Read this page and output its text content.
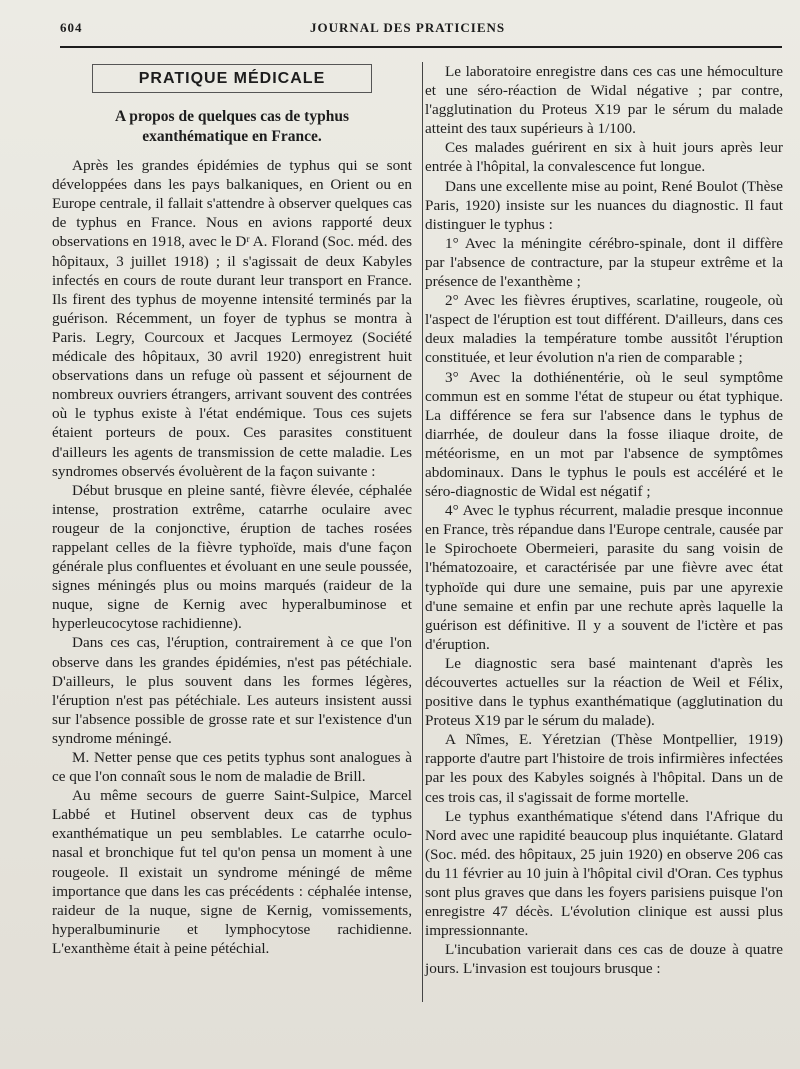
604	JOURNAL DES PRATICIENS
PRATIQUE MÉDICALE
A propos de quelques cas de typhus exanthématique en France.

Après les grandes épidémies de typhus qui se sont développées dans les pays balkaniques, en Orient ou en Europe centrale, il fallait s'attendre à observer quelques cas de typhus en France. Nous en avions rapporté deux observations en 1918, avec le Dʳ A. Florand (Soc. méd. des hôpitaux, 3 juillet 1918) ; il s'agissait de deux Kabyles infectés en cours de route durant leur transport en France. Ils firent des typhus de moyenne intensité terminés par la guérison. Récemment, un foyer de typhus se montra à Paris. Legry, Courcoux et Jacques Lermoyez (Société médicale des hôpitaux, 30 avril 1920) enregistrent huit observations dans un refuge où passent et séjournent de nombreux ouvriers étrangers, arrivant souvent des contrées où le typhus existe à l'état endémique. Tous ces sujets étaient porteurs de poux. Ces parasites constituent d'ailleurs les agents de transmission de cette maladie. Les syndromes observés évoluèrent de la façon suivante :

Début brusque en pleine santé, fièvre élevée, céphalée intense, prostration extrême, catarrhe oculaire avec rougeur de la conjonctive, éruption de taches rosées rappelant celles de la fièvre typhoïde, mais d'une façon générale plus confluentes et évoluant en une seule poussée, signes méningés plus ou moins marqués (raideur de la nuque, signe de Kernig avec hyperalbuminose et hyperleucocytose rachidienne).

Dans ces cas, l'éruption, contrairement à ce que l'on observe dans les grandes épidémies, n'est pas pétéchiale. D'ailleurs, le plus souvent dans les formes légères, l'éruption n'est pas pétéchiale. Les auteurs insistent aussi sur l'absence possible de grosse rate et sur l'existence d'un syndrome méningé.

M. Netter pense que ces petits typhus sont analogues à ce que l'on connaît sous le nom de maladie de Brill.

Au même secours de guerre Saint-Sulpice, Marcel Labbé et Hutinel observent deux cas de typhus exanthématique un peu semblables. Le catarrhe oculo-nasal et bronchique fut tel qu'on pensa un moment à une rougeole. Il existait un syndrome méningé de même importance que dans les cas précédents : céphalée intense, raideur de la nuque, signe de Kernig, vomissements, hyperalbuminurie et lymphocytose rachidienne. L'exanthème était à peine pétéchial.

Le laboratoire enregistre dans ces cas une hémoculture et une séro-réaction de Widal négative ; par contre, l'agglutination du Proteus X19 par le sérum du malade atteint des taux supérieurs à 1/100.

Ces malades guérirent en six à huit jours après leur entrée à l'hôpital, la convalescence fut longue.

Dans une excellente mise au point, René Boulot (Thèse Paris, 1920) insiste sur les nuances du diagnostic. Il faut distinguer le typhus :

1° Avec la méningite cérébro-spinale, dont il diffère par l'absence de contracture, par la stupeur extrême et la présence de l'exanthème ;

2° Avec les fièvres éruptives, scarlatine, rougeole, où l'aspect de l'éruption est tout différent. D'ailleurs, dans ces deux maladies la température tombe aussitôt l'éruption constituée, et leur évolution n'a rien de comparable ;

3° Avec la dothiénentérie, où le seul symptôme commun est en somme l'état de stupeur ou état typhique. La différence se fera sur l'absence dans le typhus de diarrhée, de douleur dans la fosse iliaque droite, de météorisme, en un mot par l'absence de symptômes abdominaux. Dans le typhus le pouls est accéléré et le séro-diagnostic de Widal est négatif ;

4° Avec le typhus récurrent, maladie presque inconnue en France, très répandue dans l'Europe centrale, causée par le Spirochoete Obermeieri, parasite du sang voisin de l'hématozoaire, et caractérisée par une fièvre avec état typhoïde qui dure une semaine, puis par une apyrexie d'une semaine et enfin par une rechute après laquelle la guérison est définitive. Il y a souvent de l'ictère et pas d'éruption.

Le diagnostic sera basé maintenant d'après les découvertes actuelles sur la réaction de Weil et Félix, positive dans le typhus exanthématique (agglutination du Proteus X19 par le sérum du malade).

A Nîmes, E. Yéretzian (Thèse Montpellier, 1919) rapporte d'autre part l'histoire de trois infirmières infectées par les poux des Kabyles soignés à l'hôpital. Dans un de ces trois cas, il s'agissait de forme mortelle.

Le typhus exanthématique s'étend dans l'Afrique du Nord avec une rapidité beaucoup plus inquiétante. Glatard (Soc. méd. des hôpitaux, 25 juin 1920) en observe 206 cas du 11 février au 10 juin à l'hôpital civil d'Oran. Ces typhus sont plus graves que dans les foyers parisiens puisque l'on enregistre 47 décès. L'évolution clinique est aussi plus impressionnante.

L'incubation varierait dans ces cas de douze à quatre jours. L'invasion est toujours brusque :
